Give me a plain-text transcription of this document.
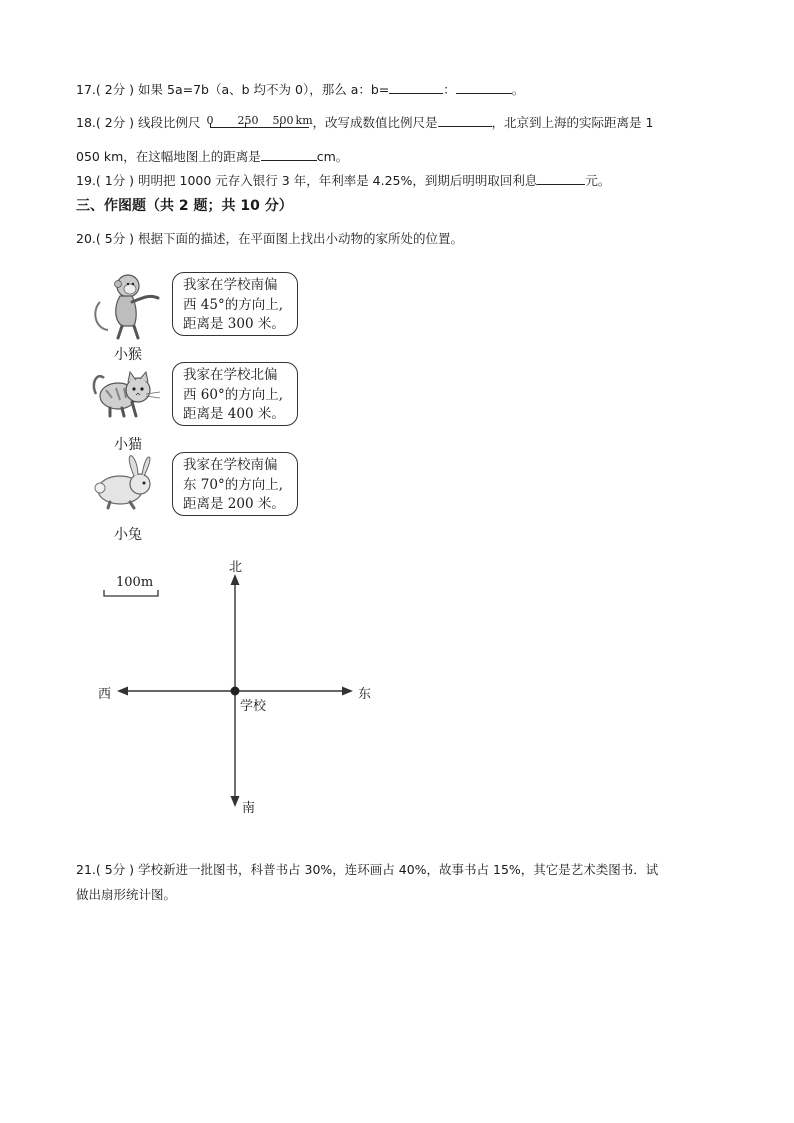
17.( 2分 ) 如果 5a=7b（a、b 均不为 0），那么 a：b=	：	。
18.( 2分 ) 线段比例尺 0 250 500 km ，改写成数值比例尺是	，北京到上海的实际距离是 1
050 km，在这幅地图上的距离是	cm。
19.( 1分 ) 明明把 1000 元存入银行 3 年，年利率是 4.25%，到期后明明取回利息	元。
三、作图题（共 2 题；共 10 分）
20.( 5分 ) 根据下面的描述，在平面图上找出小动物的家所处的位置。
我家在学校南偏
西 45°的方向上,
距离是 300 米。
小猴
我家在学校北偏
西 60°的方向上,
距离是 400 米。
小猫
我家在学校南偏
东 70°的方向上,
距离是 200 米。
小兔
100m
北
南
东
西
学校
21.( 5分 ) 学校新进一批图书，科普书占 30%，连环画占 40%，故事书占 15%，其它是艺术类图书．试
做出扇形统计图。
